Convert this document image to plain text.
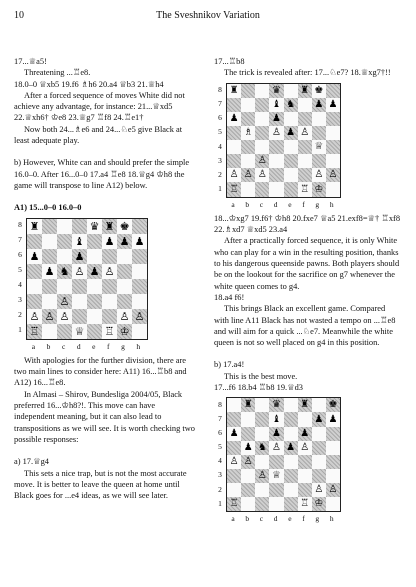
10	The Sveshnikov Variation

17...♕a5!

Threatening ...♖e8.

18.0–0 ♕xb5 19.f6 ♗h6 20.a4 ♕b3 21.♕h4

After a forced sequence of moves White did not achieve any advantage, for instance: 21...♕xd5 22.♕xh6† ♔e8 23.♕g7 ♖f8 24.♖e1†

Now both 24...♗e6 and 24...♘e5 give Black at least adequate play.

b) However, White can and should prefer the simple 16.0–0. After 16...0–0 17.a4 ♖e8 18.♕g4 ♔h8 the game will transpose to line A12) below.

A1) 15...0–0 16.0–0

8
7
6
5
4
3
2
1
♜	♛ ♜ ♚
♝ ♟ ♟ ♟
♟	♟
♟ ♞ ♙ ♟ ♙
♙
♙ ♙ ♙	♙ ♙
♖	♕ ♖ ♔
a b c d e f g h

With apologies for the further division, there are two main lines to consider here: A11) 16...♖b8 and A12) 16...♖e8.

In Almasi – Shirov, Bundesliga 2004/05, Black preferred 16...♔h8?!. This move can have independent meaning, but it can also lead to transpositions as we will see. It is worth checking two possible responses:

a) 17.♕g4

This sets a nice trap, but is not the most accurate move. It is better to leave the queen at home until Black goes for ...e4 ideas, as we will see later.

17...♖b8

The trick is revealed after: 17...♘e7? 18.♕xg7†!!

8
7
6
5
4
3
2
1
♜	♛ ♜ ♚
♝ ♞ ♟ ♟
♟	♟
♗ ♙ ♟ ♙
♕
♙
♙ ♙ ♙	♙ ♙
♖	♖ ♔
a b c d e f g h

18...♔xg7 19.f6† ♔h8 20.fxe7 ♕a5 21.exf8=♕† ♖xf8 22.♗xd7 ♕xd5 23.a4

After a practically forced sequence, it is only White who can play for a win in the resulting position, thanks to his dangerous queenside pawns. Both players should be on the lookout for the sacrifice on g7 whenever the white queen comes to g4.

18.a4 f6!

This brings Black an excellent game. Compared with line A11 Black has not wasted a tempo on ...♖e8 and will aim for a quick ...♘e7. Meanwhile the white queen is not so well placed on g4 in this position.

b) 17.a4!

This is the best move.

17...f6 18.b4 ♖b8 19.♕d3

8
7
6
5
4
3
2
1
♜ ♛ ♜ ♚
♝	♟ ♟
♟	♟ ♟
♟ ♞ ♙ ♟ ♙
♙ ♙
♙ ♕
♙ ♙
♖	♖ ♔
a b c d e f g h
